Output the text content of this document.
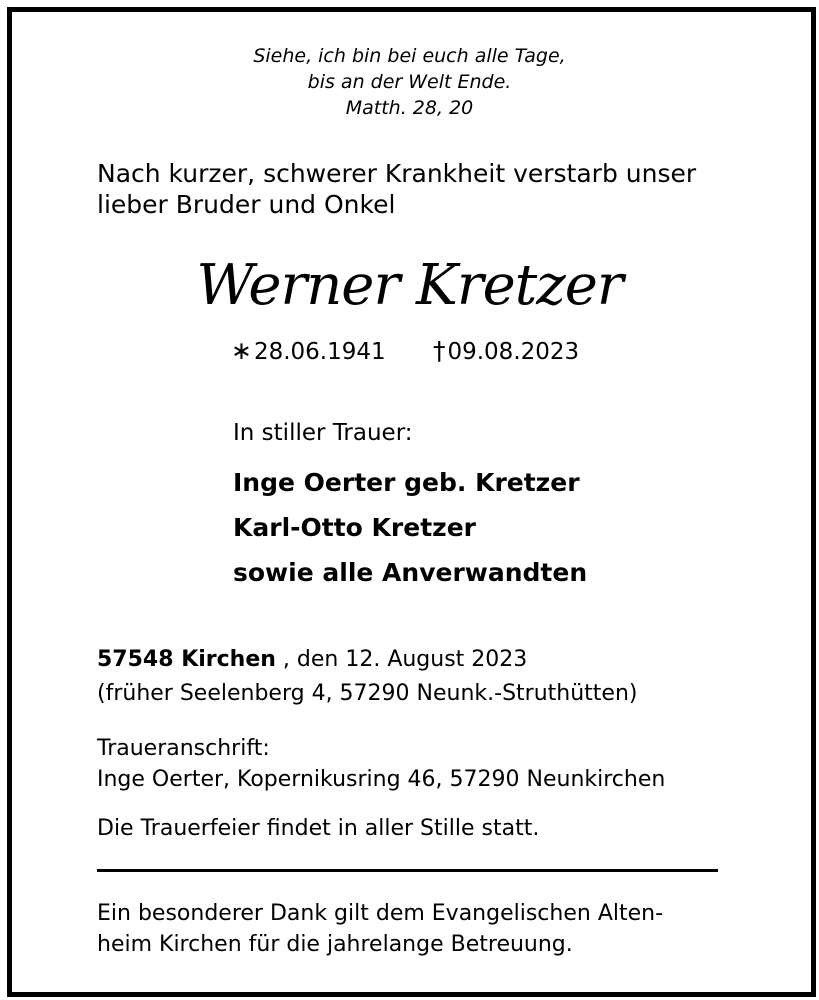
Siehe, ich bin bei euch alle Tage,
bis an der Welt Ende.
Matth. 28, 20
Nach kurzer, schwerer Krankheit verstarb unser
lieber Bruder und Onkel
Werner Kretzer
∗28.06.1941 †09.08.2023
In stiller Trauer:
Inge Oerter geb. Kretzer
Karl-Otto Kretzer
sowie alle Anverwandten
57548 Kirchen , den 12. August 2023
(früher Seelenberg 4, 57290 Neunk.-Struthütten)
Traueranschrift:
Inge Oerter, Kopernikusring 46, 57290 Neunkirchen
Die Trauerfeier findet in aller Stille statt.
Ein besonderer Dank gilt dem Evangelischen Alten-
heim Kirchen für die jahrelange Betreuung.
